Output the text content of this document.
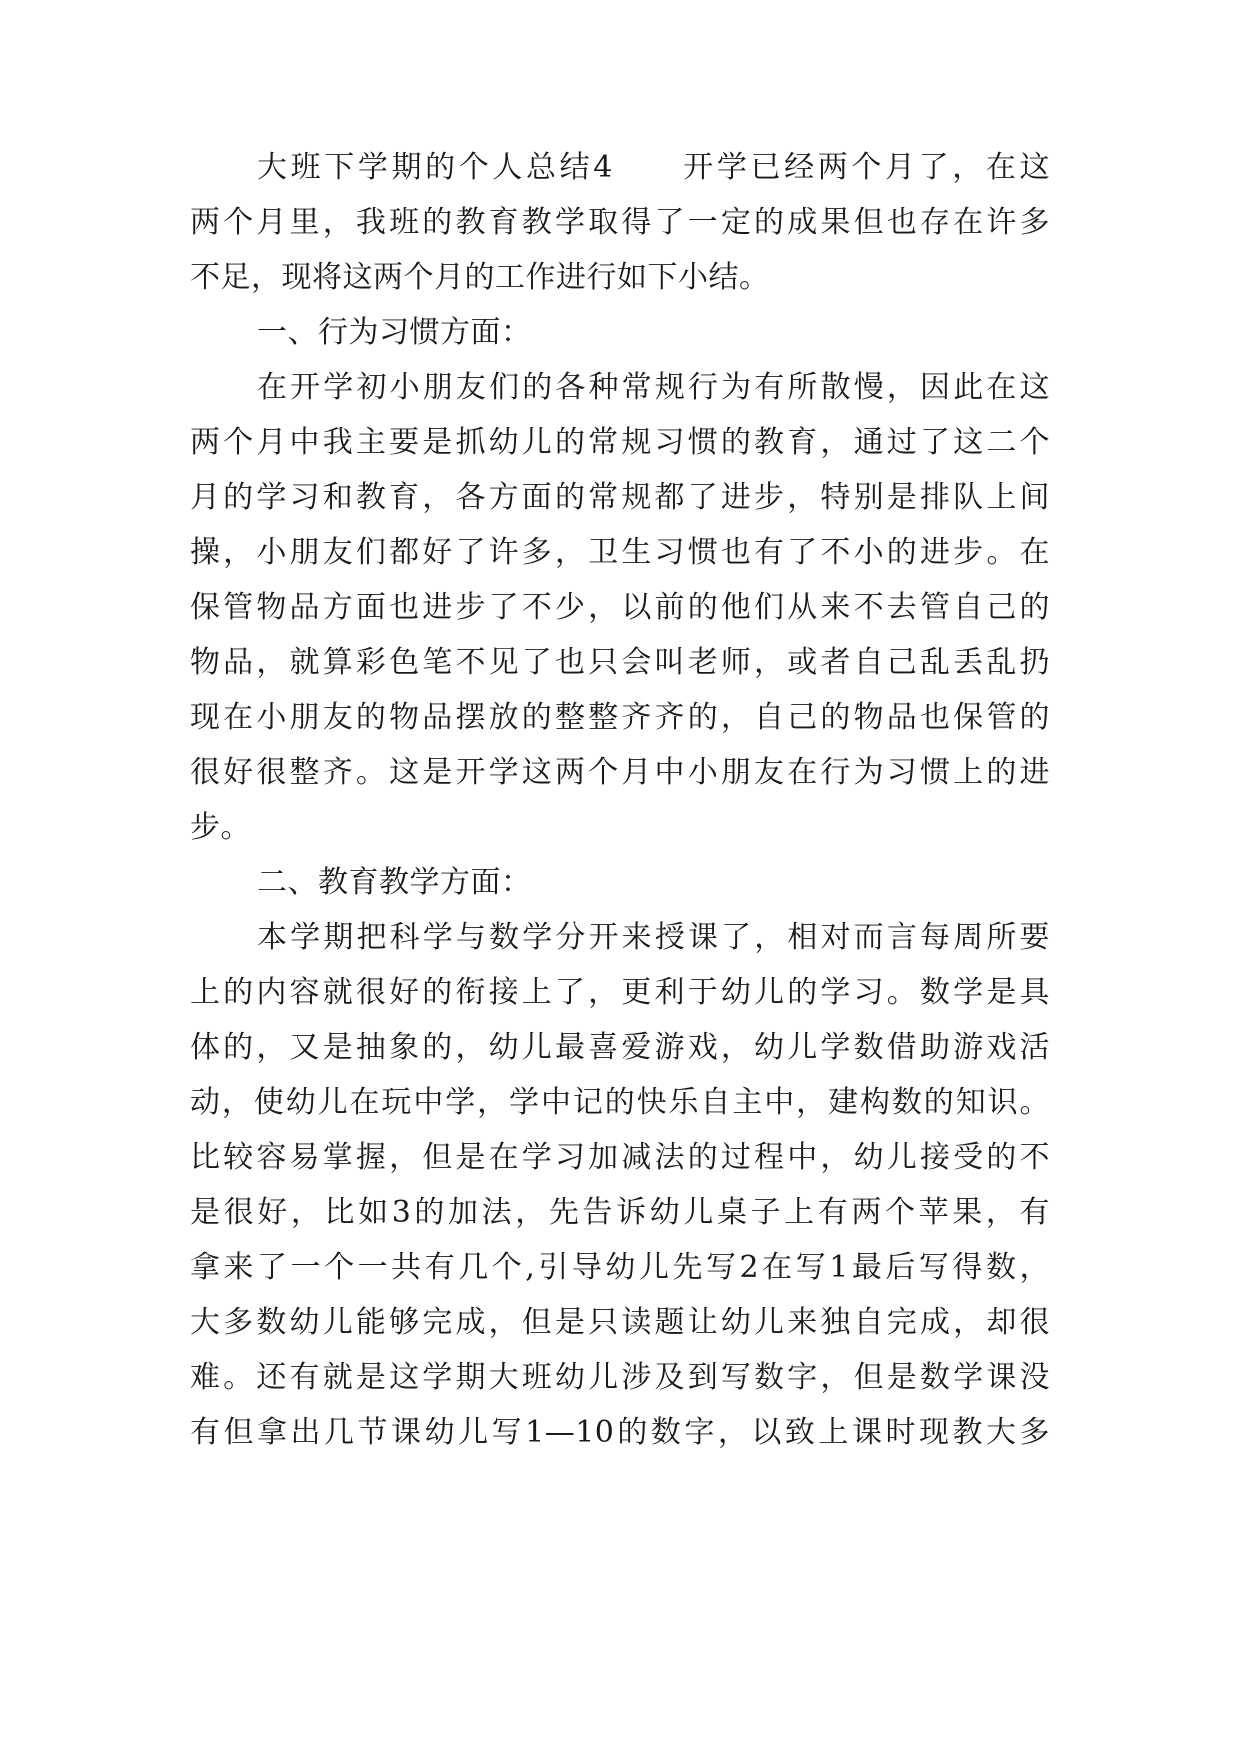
大班下学期的个人总结4　　开学已经两个月了，在这
两个月里，我班的教育教学取得了一定的成果但也存在许多
不足，现将这两个月的工作进行如下小结。
一、行为习惯方面：
在开学初小朋友们的各种常规行为有所散慢，因此在这
两个月中我主要是抓幼儿的常规习惯的教育，通过了这二个
月的学习和教育，各方面的常规都了进步，特别是排队上间
操，小朋友们都好了许多，卫生习惯也有了不小的进步。在
保管物品方面也进步了不少，以前的他们从来不去管自己的
物品，就算彩色笔不见了也只会叫老师，或者自己乱丢乱扔
现在小朋友的物品摆放的整整齐齐的，自己的物品也保管的
很好很整齐。这是开学这两个月中小朋友在行为习惯上的进
步。
二、教育教学方面：
本学期把科学与数学分开来授课了，相对而言每周所要
上的内容就很好的衔接上了，更利于幼儿的学习。数学是具
体的，又是抽象的，幼儿最喜爱游戏，幼儿学数借助游戏活
动，使幼儿在玩中学，学中记的快乐自主中，建构数的知识。
比较容易掌握，但是在学习加减法的过程中，幼儿接受的不
是很好，比如3的加法，先告诉幼儿桌子上有两个苹果，有
拿来了一个一共有几个,引导幼儿先写2在写1最后写得数，
大多数幼儿能够完成，但是只读题让幼儿来独自完成，却很
难。还有就是这学期大班幼儿涉及到写数字，但是数学课没
有但拿出几节课幼儿写1—10的数字，以致上课时现教大多
